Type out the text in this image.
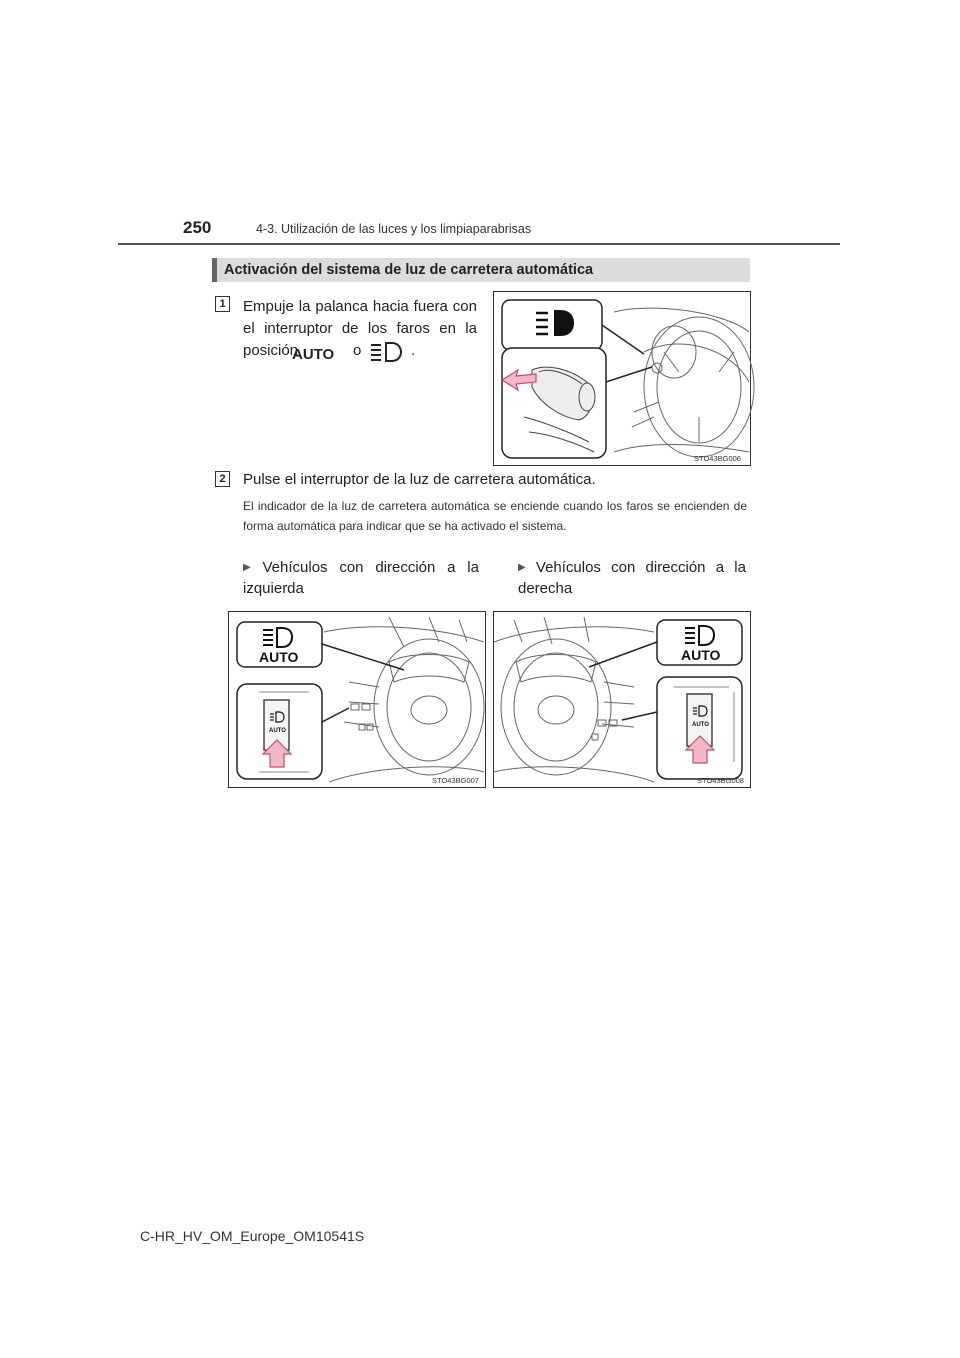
250	4-3. Utilización de las luces y los limpiaparabrisas
Activación del sistema de luz de carretera automática
1 Empuje la palanca hacia fuera con
el interruptor de los faros en la
posición
AUTO o	.
STO43BG006
2 Pulse el interruptor de la luz de carretera automática.
El indicador de la luz de carretera automática se enciende cuando los faros se encienden de forma automática para indicar que se ha activado el sistema.
▶ Vehículos con dirección a la
izquierda
▶ Vehículos con dirección a la
derecha
AUTO
AUTO
STO43BG007
AUTO
AUTO
STO43BG008
C-HR_HV_OM_Europe_OM10541S
